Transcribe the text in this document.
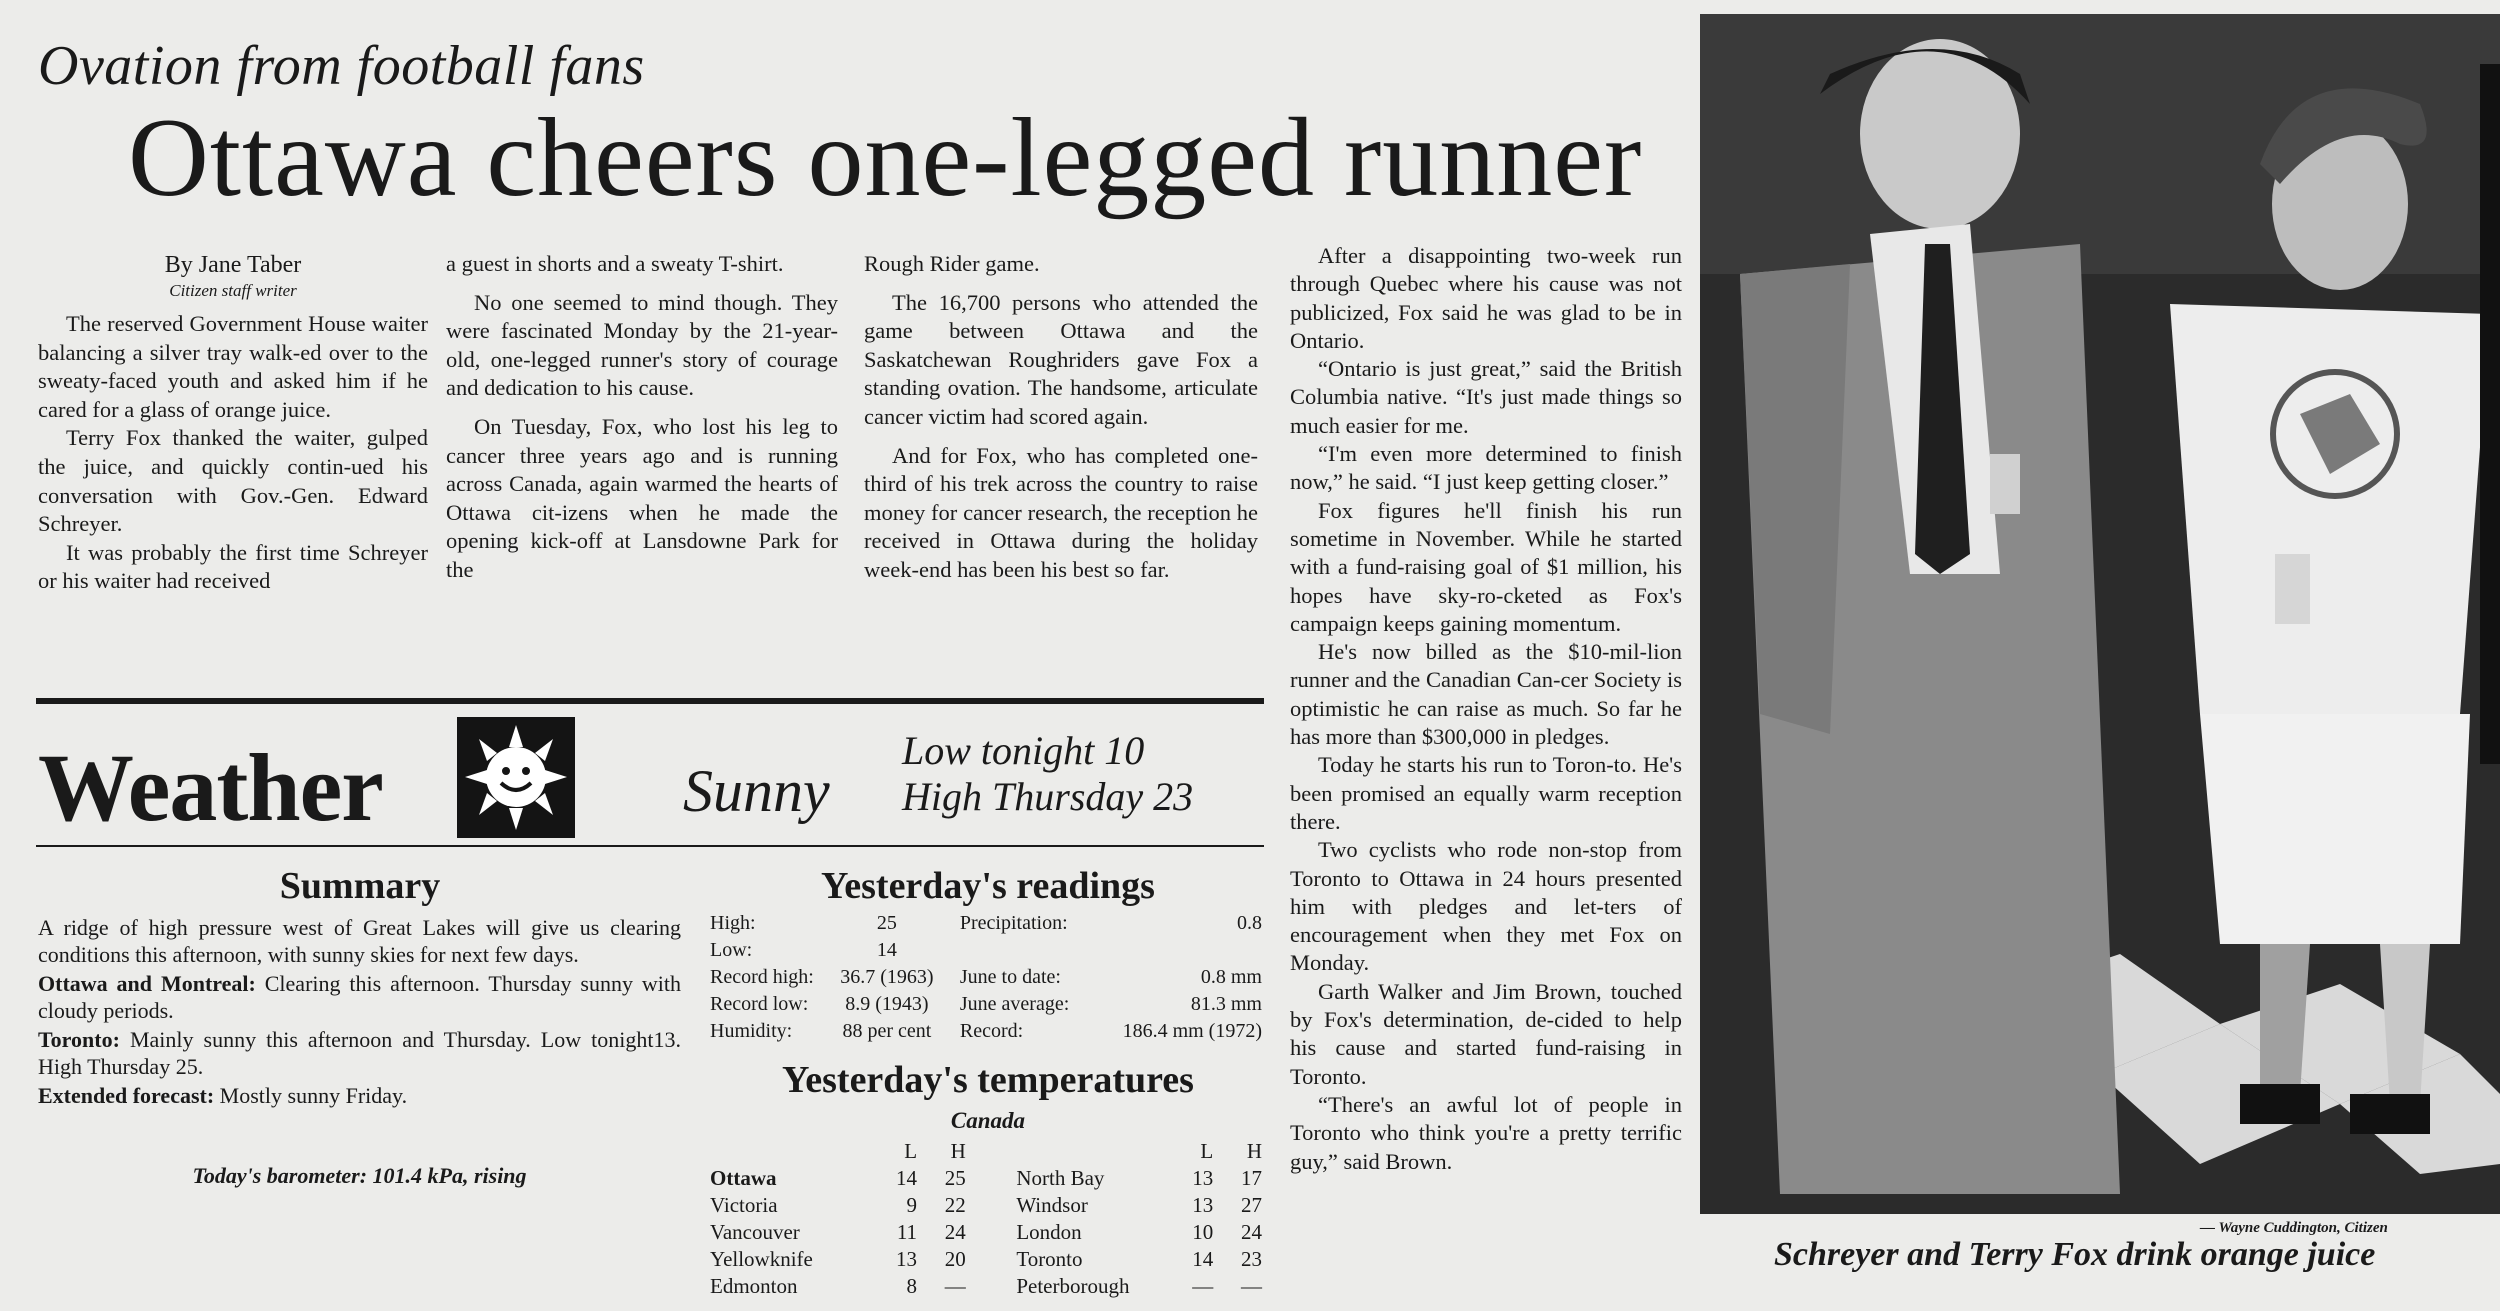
Ovation from football fans
Ottawa cheers one-legged runner
By Jane Taber
Citizen staff writer

The reserved Government House waiter balancing a silver tray walk-ed over to the sweaty-faced youth and asked him if he cared for a glass of orange juice.

Terry Fox thanked the waiter, gulped the juice, and quickly contin-ued his conversation with Gov.-Gen. Edward Schreyer.

It was probably the first time Schreyer or his waiter had received

a guest in shorts and a sweaty T-shirt.

No one seemed to mind though. They were fascinated Monday by the 21-year-old, one-legged runner's story of courage and dedication to his cause.

On Tuesday, Fox, who lost his leg to cancer three years ago and is running across Canada, again warmed the hearts of Ottawa cit-izens when he made the opening kick-off at Lansdowne Park for the

Rough Rider game.

The 16,700 persons who attended the game between Ottawa and the Saskatchewan Roughriders gave Fox a standing ovation. The handsome, articulate cancer victim had scored again.

And for Fox, who has completed one-third of his trek across the country to raise money for cancer research, the reception he received in Ottawa during the holiday week-end has been his best so far.

After a disappointing two-week run through Quebec where his cause was not publicized, Fox said he was glad to be in Ontario.

“Ontario is just great,” said the British Columbia native. “It's just made things so much easier for me.

“I'm even more determined to finish now,” he said. “I just keep getting closer.”

Fox figures he'll finish his run sometime in November. While he started with a fund-raising goal of $1 million, his hopes have sky-ro-cketed as Fox's campaign keeps gaining momentum.

He's now billed as the $10-mil-lion runner and the Canadian Can-cer Society is optimistic he can raise as much. So far he has more than $300,000 in pledges.

Today he starts his run to Toron-to. He's been promised an equally warm reception there.

Two cyclists who rode non-stop from Toronto to Ottawa in 24 hours presented him with pledges and let-ters of encouragement when they met Fox on Monday.

Garth Walker and Jim Brown, touched by Fox's determination, de-cided to help his cause and started fund-raising in Toronto.

“There's an awful lot of people in Toronto who think you're a pretty terrific guy,” said Brown.

Weather	Sunny
Low tonight 10
High Thursday 23
Summary

A ridge of high pressure west of Great Lakes will give us clearing conditions this afternoon, with sunny skies for next few days.

Ottawa and Montreal: Clearing this afternoon. Thursday sunny with cloudy periods.

Toronto: Mainly sunny this afternoon and Thursday. Low tonight13. High Thursday 25.

Extended forecast: Mostly sunny Friday.

Today's barometer: 101.4 kPa, rising
Yesterday's readings
High:	25	Precipitation:	0.8
Low:	14		
Record high:	36.7 (1963)	June to date:	0.8 mm
Record low:	8.9 (1943)	June average:	81.3 mm
Humidity:	88 per cent	Record:	186.4 mm (1972)
Yesterday's temperatures
Canada
	L	H			L	H
Ottawa	14	25		North Bay	13	17
Victoria	9	22		Windsor	13	27
Vancouver	11	24		London	10	24
Yellowknife	13	20		Toronto	14	23
Edmonton	8	—		Peterborough	—	—
— Wayne Cuddington, Citizen
Schreyer and Terry Fox drink orange juice
